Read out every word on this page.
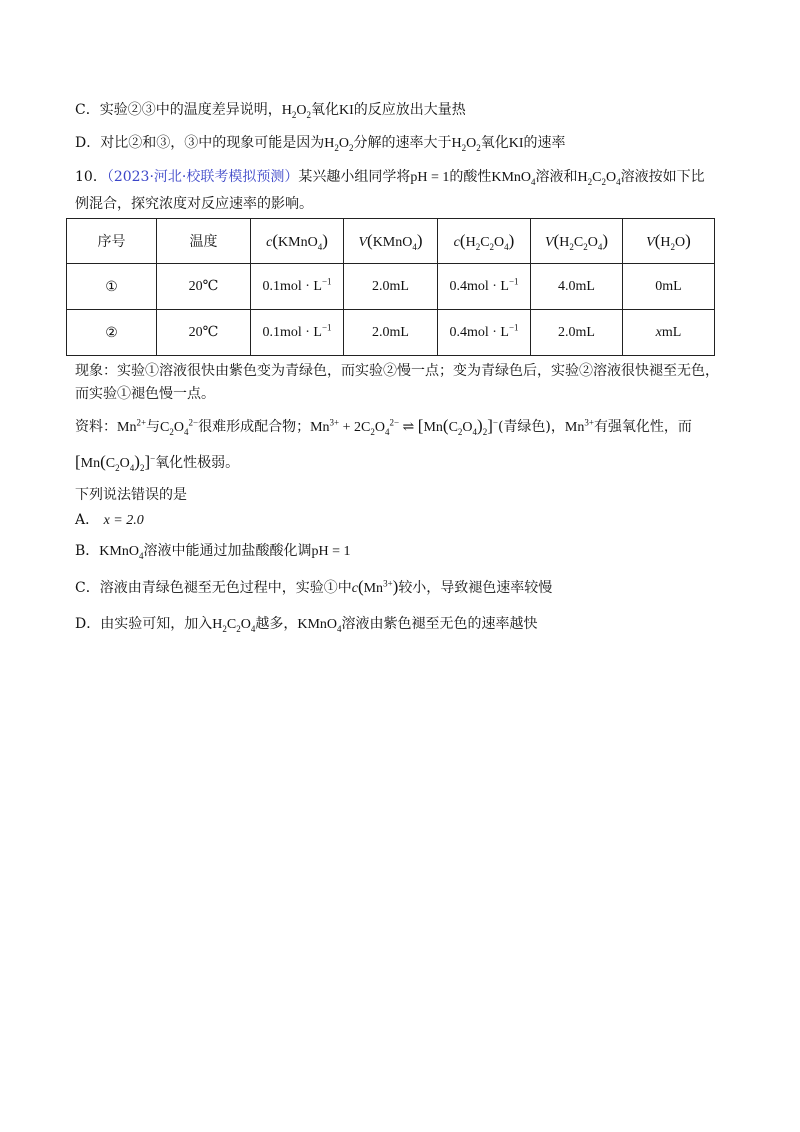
C．实验②③中的温度差异说明，$H_2O_2$氧化KI的反应放出大量热
D．对比②和③，③中的现象可能是因为$H_2O_2$分解的速率大于$H_2O_2$氧化KI的速率
10．（2023·河北·校联考模拟预测）某兴趣小组同学将pH = 1的酸性KMnO$_4$溶液和$H_2C_2O_4$溶液按如下比
例混合，探究浓度对反应速率的影响。
序号	温度	c(KMnO$_4$)	V(KMnO$_4$)	$c(H_2C_2O_4)$	$V(H_2C_2O_4)$	$V(H_2O)$
①	20℃	$0.1mol \cdot L^{-1}$	2.0mL	$0.4mol \cdot L^{-1}$	4.0mL	0mL
②	20℃	$0.1mol \cdot L^{-1}$	2.0mL	$0.4mol \cdot L^{-1}$	2.0mL	xmL
现象：实验①溶液很快由紫色变为青绿色，而实验②慢一点；变为青绿色后，实验②溶液很快褪至无色，
而实验①褪色慢一点。
资料：$Mn^{2+}$与$C_2O_4^{2-}$很难形成配合物；$Mn^{3+} + 2C_2O_4^{2-}$ ⇌ $[Mn(C_2O_4)_2]^-$(青绿色)，$Mn^{3+}$有强氧化性，而
$[Mn(C_2O_4)_2]^-$氧化性极弱。
下列说法错误的是
A． x = 2.0
B．KMnO$_4$溶液中能通过加盐酸酸化调pH = 1
C．溶液由青绿色褪至无色过程中，实验①中$c(Mn^{3+})$较小，导致褪色速率较慢
D．由实验可知，加入$H_2C_2O_4$越多，KMnO$_4$溶液由紫色褪至无色的速率越快
